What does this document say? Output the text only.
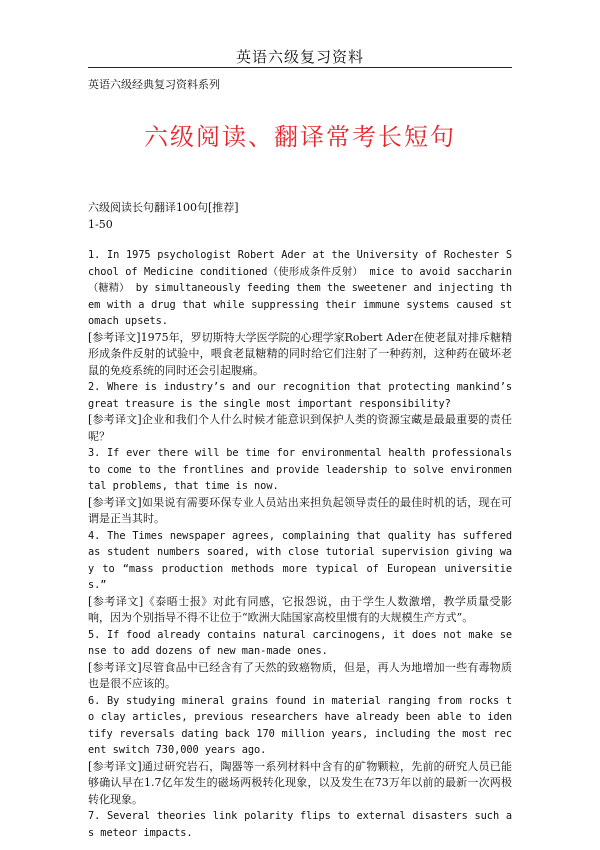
英语六级复习资料
英语六级经典复习资料系列
六级阅读、翻译常考长短句
六级阅读长句翻译100句[推荐]
1-50

1. In 1975 psychologist Robert Ader at the University of Rochester School of Medicine conditioned（使形成条件反射） mice to avoid saccharin（糖精） by simultaneously feeding them the sweetener and injecting them with a drug that while suppressing their immune systems caused stomach upsets.

[参考译文]1975年，罗切斯特大学医学院的心理学家Robert Ader在使老鼠对排斥糖精形成条件反射的试验中，喂食老鼠糖精的同时给它们注射了一种药剂，这种药在破坏老鼠的免疫系统的同时还会引起腹痛。

2. Where is industry’s and our recognition that protecting mankind’s great treasure is the single most important responsibility?

[参考译文]企业和我们个人什么时候才能意识到保护人类的资源宝藏是最最重要的责任呢？

3. If ever there will be time for environmental health professionals to come to the frontlines and provide leadership to solve environmental problems, that time is now.

[参考译文]如果说有需要环保专业人员站出来担负起领导责任的最佳时机的话，现在可谓是正当其时。

4. The Times newspaper agrees, complaining that quality has suffered as student numbers soared, with close tutorial supervision giving way to “mass production methods more typical of European universities.”

[参考译文]《泰晤士报》对此有同感，它报怨说，由于学生人数激增，教学质量受影响，因为个别指导不得不让位于“欧洲大陆国家高校里惯有的大规模生产方式”。

5. If food already contains natural carcinogens, it does not make sense to add dozens of new man-made ones.

[参考译文]尽管食品中已经含有了天然的致癌物质，但是，再人为地增加一些有毒物质也是很不应该的。

6. By studying mineral grains found in material ranging from rocks to clay articles, previous researchers have already been able to identify reversals dating back 170 million years, including the most recent switch 730,000 years ago.

[参考译文]通过研究岩石，陶器等一系列材料中含有的矿物颗粒，先前的研究人员已能够确认早在1.7亿年发生的磁场两极转化现象，以及发生在73万年以前的最新一次两极转化现象。

7. Several theories link polarity flips to external disasters such as meteor impacts.
